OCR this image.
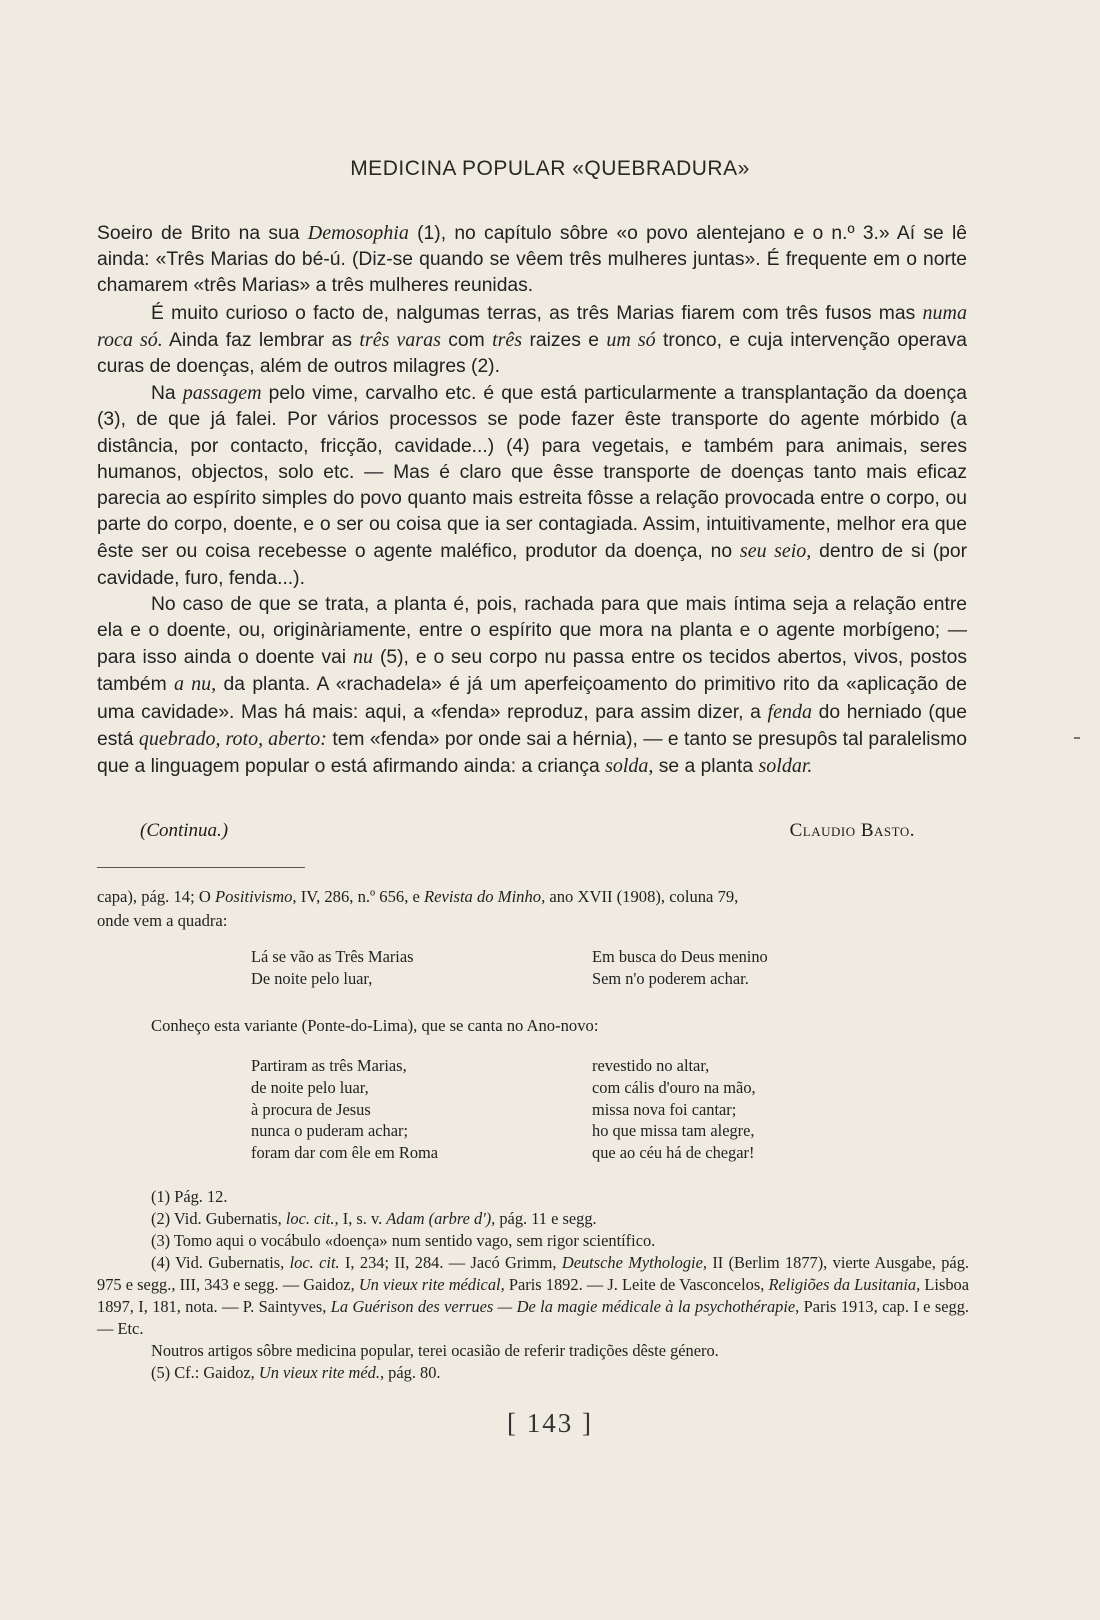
MEDICINA POPULAR «QUEBRADURA»

Soeiro de Brito na sua Demosophia (1), no capítulo sôbre «o povo alentejano e o n.º 3.» Aí se lê ainda: «Três Marias do bé-ú. (Diz-se quando se vêem três mulheres juntas». É frequente em o norte chamarem «três Marias» a três mulheres reunidas.

É muito curioso o facto de, nalgumas terras, as três Marias fiarem com três fusos mas numa roca só. Ainda faz lembrar as três varas com três raizes e um só tronco, e cuja intervenção operava curas de doenças, além de outros milagres (2).

Na passagem pelo vime, carvalho etc. é que está particularmente a transplantação da doença (3), de que já falei. Por vários processos se pode fazer êste transporte do agente mórbido (a distância, por contacto, fricção, cavidade...) (4) para vegetais, e também para animais, seres humanos, objectos, solo etc. — Mas é claro que êsse transporte de doenças tanto mais eficaz parecia ao espírito simples do povo quanto mais estreita fôsse a relação provocada entre o corpo, ou parte do corpo, doente, e o ser ou coisa que ia ser contagiada. Assim, intuitivamente, melhor era que êste ser ou coisa recebesse o agente maléfico, produtor da doença, no seu seio, dentro de si (por cavidade, furo, fenda...).

No caso de que se trata, a planta é, pois, rachada para que mais íntima seja a relação entre ela e o doente, ou, originàriamente, entre o espírito que mora na planta e o agente morbígeno; — para isso ainda o doente vai nu (5), e o seu corpo nu passa entre os tecidos abertos, vivos, postos também a nu, da planta. A «rachadela» é já um aperfeiçoamento do primitivo rito da «aplicação de uma cavidade». Mas há mais: aqui, a «fenda» reproduz, para assim dizer, a fenda do herniado (que está quebrado, roto, aberto: tem «fenda» por onde sai a hérnia), — e tanto se presupôs tal paralelismo que a linguagem popular o está afirmando ainda: a criança solda, se a planta soldar.

(Continua.)	Claudio Basto.
capa), pág. 14; O Positivismo, IV, 286, n.º 656, e Revista do Minho, ano XVII (1908), coluna 79,
onde vem a quadra:
Lá se vão as Três Marias
De noite pelo luar,
Em busca do Deus menino
Sem n'o poderem achar.
Conheço esta variante (Ponte-do-Lima), que se canta no Ano-novo:
Partiram as três Marias,
de noite pelo luar,
à procura de Jesus
nunca o puderam achar;
foram dar com êle em Roma
revestido no altar,
com cális d'ouro na mão,
missa nova foi cantar;
ho que missa tam alegre,
que ao céu há de chegar!

(1) Pág. 12.

(2) Vid. Gubernatis, loc. cit., I, s. v. Adam (arbre d'), pág. 11 e segg.

(3) Tomo aqui o vocábulo «doença» num sentido vago, sem rigor scientífico.

(4) Vid. Gubernatis, loc. cit. I, 234; II, 284. — Jacó Grimm, Deutsche Mythologie, II (Berlim 1877), vierte Ausgabe, pág. 975 e segg., III, 343 e segg. — Gaidoz, Un vieux rite médical, Paris 1892. — J. Leite de Vasconcelos, Religiões da Lusitania, Lisboa 1897, I, 181, nota. — P. Saintyves, La Guérison des verrues — De la magie médicale à la psychothérapie, Paris 1913, cap. I e segg. — Etc.

Noutros artigos sôbre medicina popular, terei ocasião de referir tradições dêste género.

(5) Cf.: Gaidoz, Un vieux rite méd., pág. 80.

[ 143 ]
